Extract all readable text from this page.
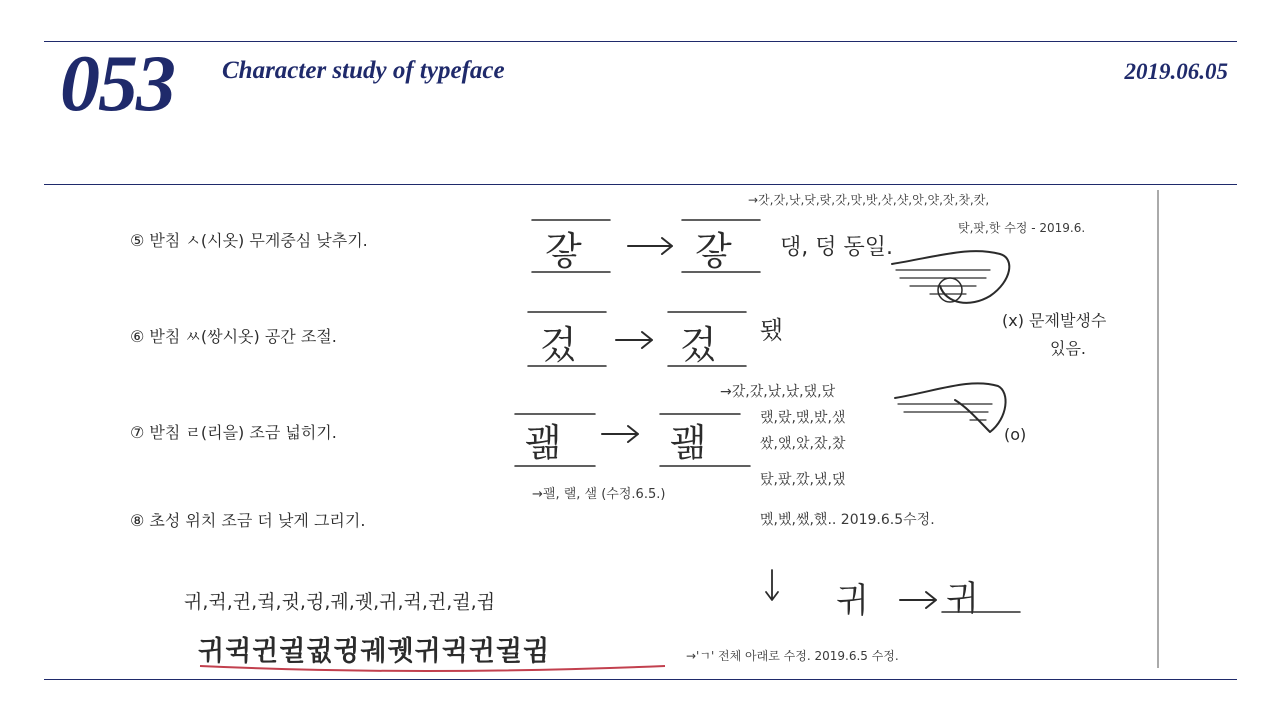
053 Character study of typeface	2019.06.05
⑤ 받침 ㅅ(시옷) 무게중심 낮추기.
⑥ 받침 ㅆ(쌍시옷) 공간 조절.
⑦ 받침 ㄹ(리을) 조금 넓히기.
⑧ 초성 위치 조금 더 낮게 그리기.
갛	갛 댕, 덩 동일.
→갓,갓,낫,닷,랏,갓,맛,밧,삿,샷,앗,얏,잣,찻,캇,
탓,팟,핫 수정 - 2019.6.
(x) 문제발생수
있음.
겄	겄 됐
(o)
괢	괢
→괠, 랠, 샐 (수정.6.5.)
→갔,갔,났,났,댔,닸
랬,랐,맸,밨,샜
쌌,앴,았,잤,찼
탔,팠,깠,냈,댔
멨,벴,쌨,했.. 2019.6.5수정.
귀,귁,귄,귘,귓,귕,궤,궷,귀,귁,귄,귈,귐	귀 귀
귀귁귄귈귒귕궤궷귀귁귄귈귐	→'ㄱ' 전체 아래로 수정. 2019.6.5 수정.
